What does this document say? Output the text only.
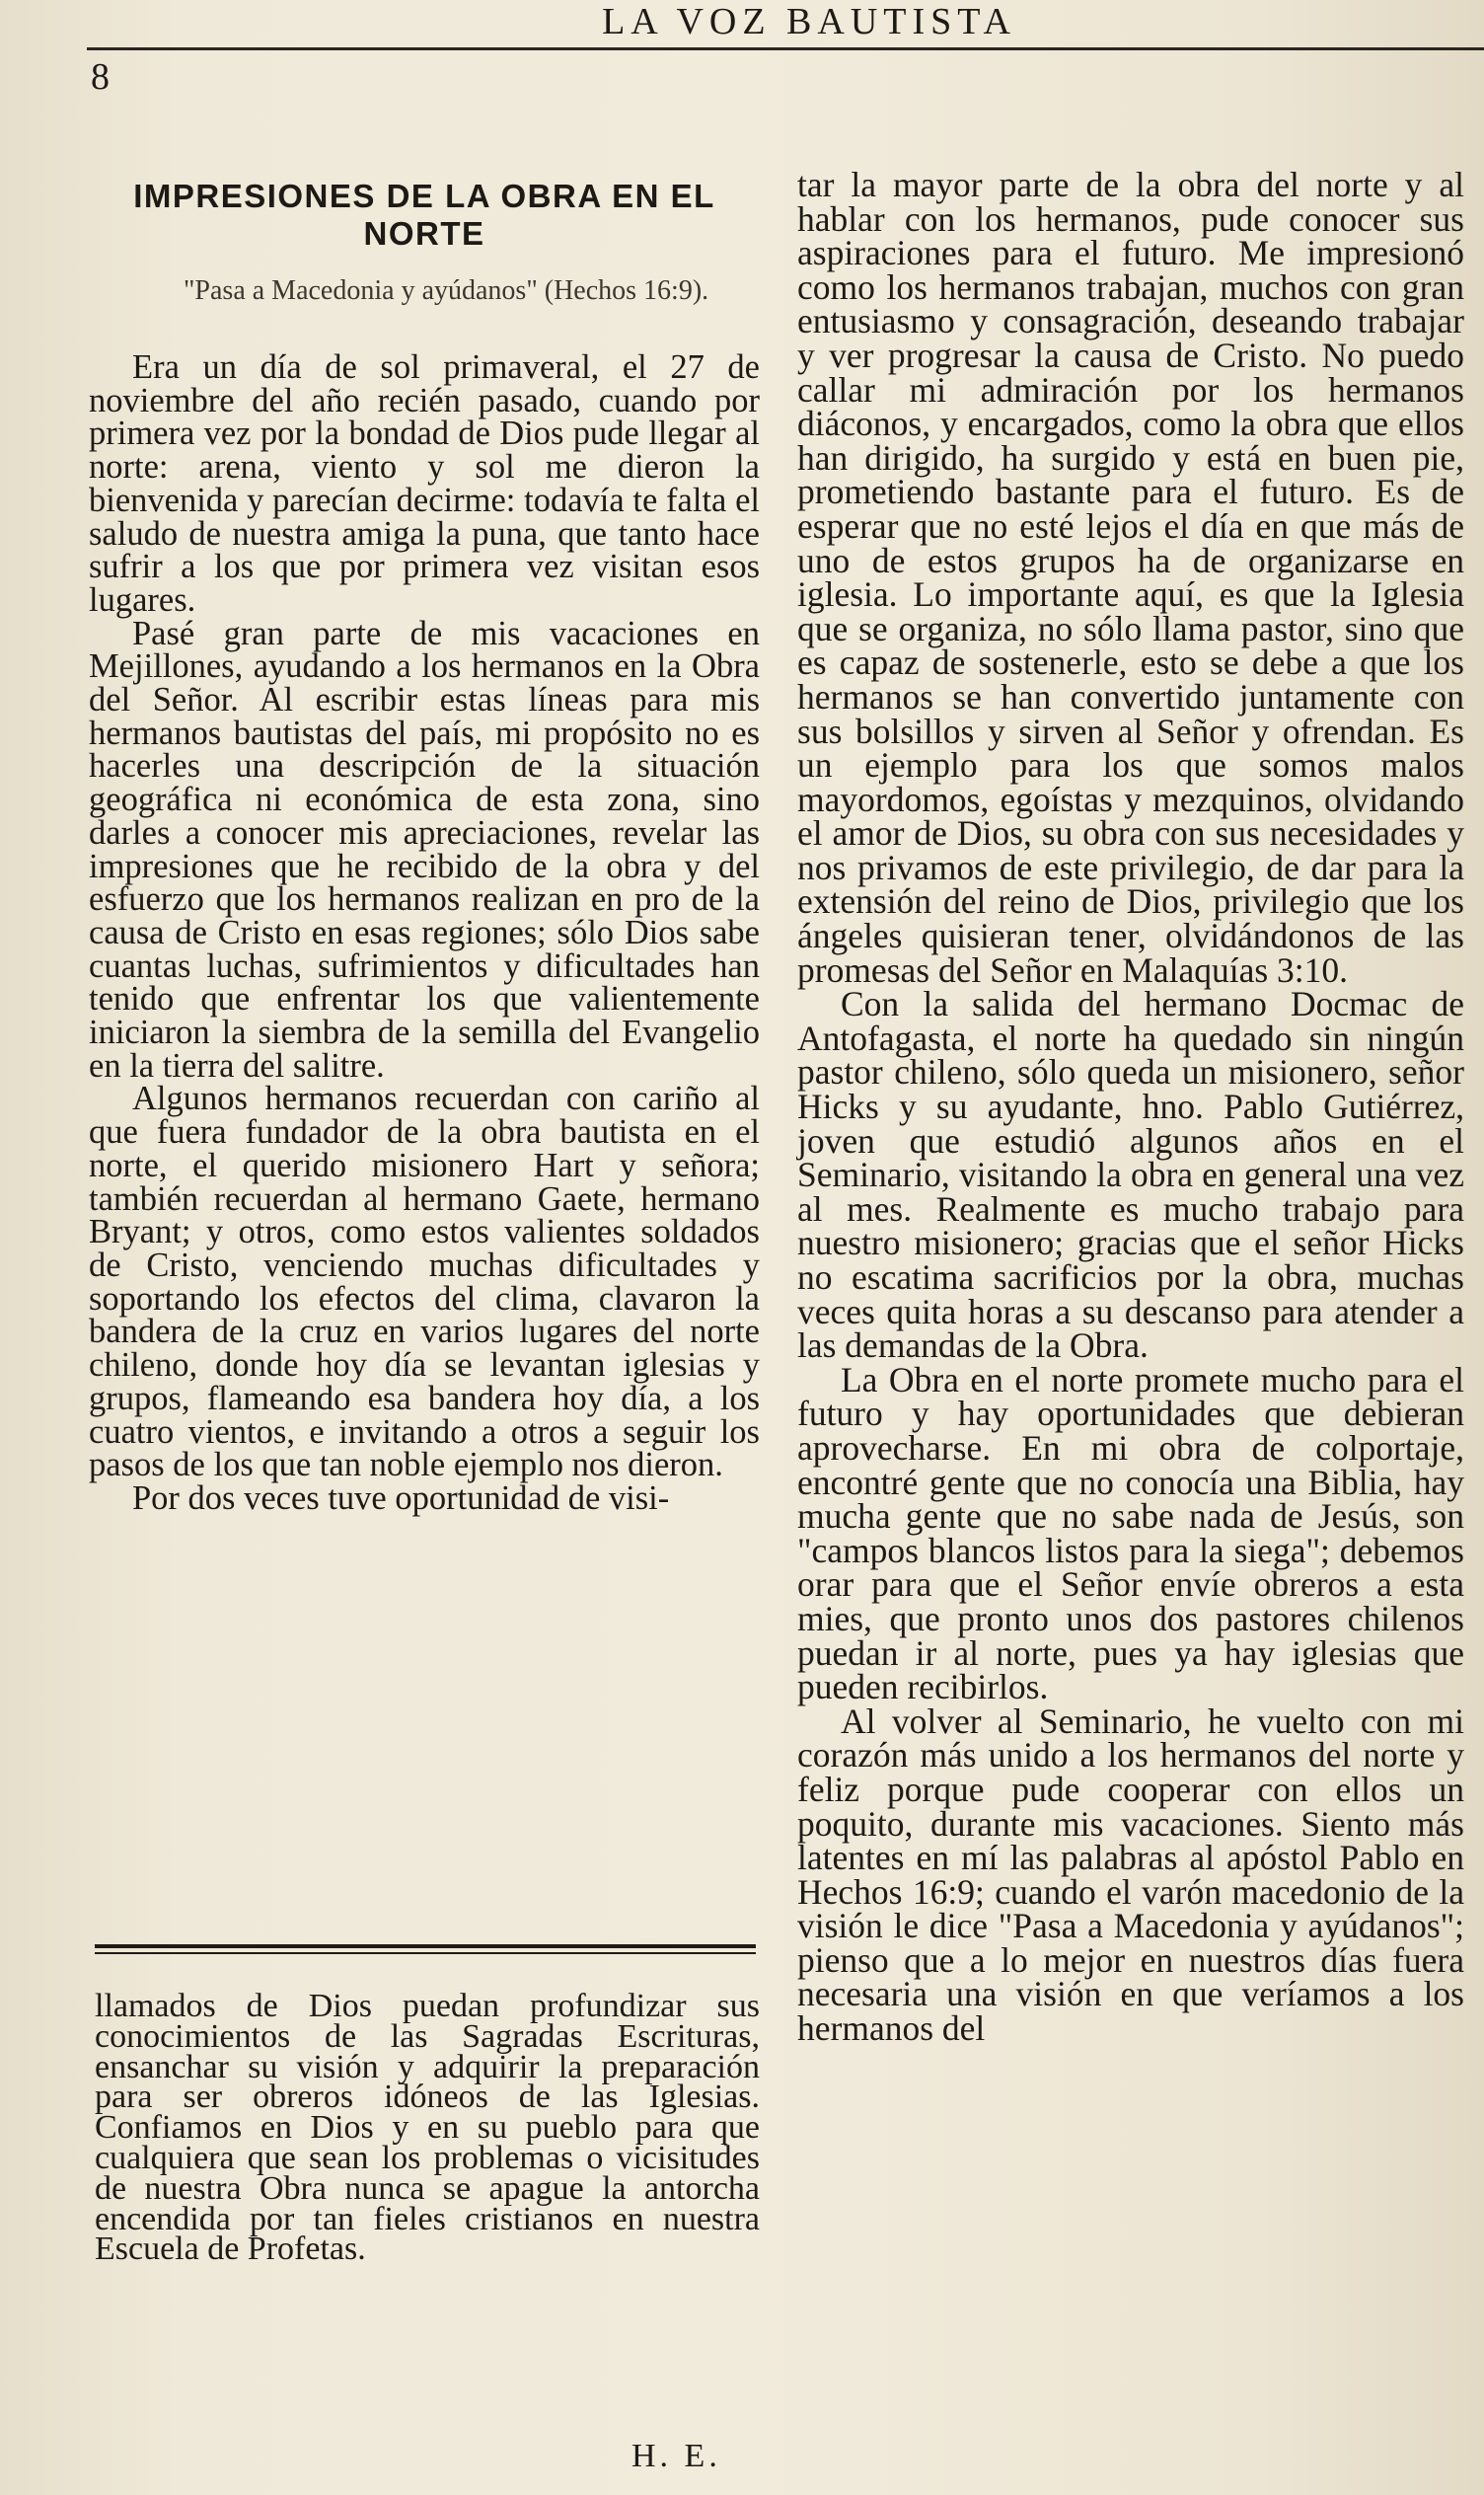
LA VOZ BAUTISTA
8
IMPRESIONES DE LA OBRA EN EL NORTE
"Pasa a Macedonia y ayúdanos" (Hechos 16:9).

Era un día de sol primaveral, el 27 de noviembre del año recién pasado, cuando por primera vez por la bondad de Dios pude llegar al norte: arena, viento y sol me dieron la bienvenida y parecían decirme: todavía te falta el saludo de nuestra amiga la puna, que tanto hace sufrir a los que por primera vez visitan esos lugares.

Pasé gran parte de mis vacaciones en Mejillones, ayudando a los hermanos en la Obra del Señor. Al escribir estas líneas para mis hermanos bautistas del país, mi propósito no es hacerles una descripción de la situación geográfica ni económica de esta zona, sino darles a conocer mis apreciaciones, revelar las impresiones que he recibido de la obra y del esfuerzo que los hermanos realizan en pro de la causa de Cristo en esas regiones; sólo Dios sabe cuantas luchas, sufrimientos y dificultades han tenido que enfrentar los que valientemente iniciaron la siembra de la semilla del Evangelio en la tierra del salitre.

Algunos hermanos recuerdan con cariño al que fuera fundador de la obra bautista en el norte, el querido misionero Hart y señora; también recuerdan al hermano Gaete, hermano Bryant; y otros, como estos valientes soldados de Cristo, venciendo muchas dificultades y soportando los efectos del clima, clavaron la bandera de la cruz en varios lugares del norte chileno, donde hoy día se levantan iglesias y grupos, flameando esa bandera hoy día, a los cuatro vientos, e invitando a otros a seguir los pasos de los que tan noble ejemplo nos dieron.

Por dos veces tuve oportunidad de visi-

llamados de Dios puedan profundizar sus conocimientos de las Sagradas Escrituras, ensanchar su visión y adquirir la preparación para ser obreros idóneos de las Iglesias. Confiamos en Dios y en su pueblo para que cualquiera que sean los problemas o vicisitudes de nuestra Obra nunca se apague la antorcha encendida por tan fieles cristianos en nuestra Escuela de Profetas.

H. E.

tar la mayor parte de la obra del norte y al hablar con los hermanos, pude conocer sus aspiraciones para el futuro. Me impresionó como los hermanos trabajan, muchos con gran entusiasmo y consagración, deseando trabajar y ver progresar la causa de Cristo. No puedo callar mi admiración por los hermanos diáconos, y encargados, como la obra que ellos han dirigido, ha surgido y está en buen pie, prometiendo bastante para el futuro. Es de esperar que no esté lejos el día en que más de uno de estos grupos ha de organizarse en iglesia. Lo importante aquí, es que la Iglesia que se organiza, no sólo llama pastor, sino que es capaz de sostenerle, esto se debe a que los hermanos se han convertido juntamente con sus bolsillos y sirven al Señor y ofrendan. Es un ejemplo para los que somos malos mayordomos, egoístas y mezquinos, olvidando el amor de Dios, su obra con sus necesidades y nos privamos de este privilegio, de dar para la extensión del reino de Dios, privilegio que los ángeles quisieran tener, olvidándonos de las promesas del Señor en Malaquías 3:10.

Con la salida del hermano Docmac de Antofagasta, el norte ha quedado sin ningún pastor chileno, sólo queda un misionero, señor Hicks y su ayudante, hno. Pablo Gutiérrez, joven que estudió algunos años en el Seminario, visitando la obra en general una vez al mes. Realmente es mucho trabajo para nuestro misionero; gracias que el señor Hicks no escatima sacrificios por la obra, muchas veces quita horas a su descanso para atender a las demandas de la Obra.

La Obra en el norte promete mucho para el futuro y hay oportunidades que debieran aprovecharse. En mi obra de colportaje, encontré gente que no conocía una Biblia, hay mucha gente que no sabe nada de Jesús, son "campos blancos listos para la siega"; debemos orar para que el Señor envíe obreros a esta mies, que pronto unos dos pastores chilenos puedan ir al norte, pues ya hay iglesias que pueden recibirlos.

Al volver al Seminario, he vuelto con mi corazón más unido a los hermanos del norte y feliz porque pude cooperar con ellos un poquito, durante mis vacaciones. Siento más latentes en mí las palabras al apóstol Pablo en Hechos 16:9; cuando el varón macedonio de la visión le dice "Pasa a Macedonia y ayúdanos"; pienso que a lo mejor en nuestros días fuera necesaria una visión en que veríamos a los hermanos del
